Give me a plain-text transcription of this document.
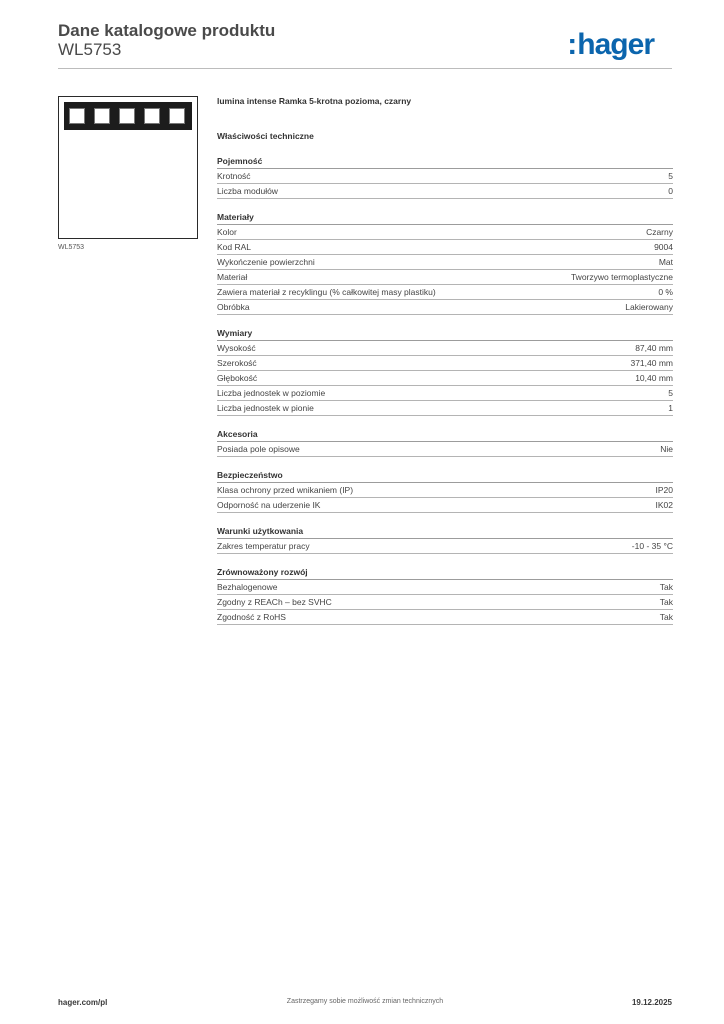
Dane katalogowe produktu
WL5753	:hager
WL5753
lumina intense Ramka 5-krotna pozioma, czarny
Właściwości techniczne
Pojemność
Krotność	5
Liczba modułów	0
Materiały
Kolor	Czarny
Kod RAL	9004
Wykończenie powierzchni	Mat
Materiał	Tworzywo termoplastyczne
Zawiera materiał z recyklingu (% całkowitej masy plastiku)	0 %
Obróbka	Lakierowany
Wymiary
Wysokość	87,40 mm
Szerokość	371,40 mm
Głębokość	10,40 mm
Liczba jednostek w poziomie	5
Liczba jednostek w pionie	1
Akcesoria
Posiada pole opisowe	Nie
Bezpieczeństwo
Klasa ochrony przed wnikaniem (IP)	IP20
Odporność na uderzenie IK	IK02
Warunki użytkowania
Zakres temperatur pracy	-10 - 35 °C
Zrównoważony rozwój
Bezhalogenowe	Tak
Zgodny z REACh – bez SVHC	Tak
Zgodność z RoHS	Tak
hager.com/pl	Zastrzegamy sobie możliwość zmian technicznych	19.12.2025
